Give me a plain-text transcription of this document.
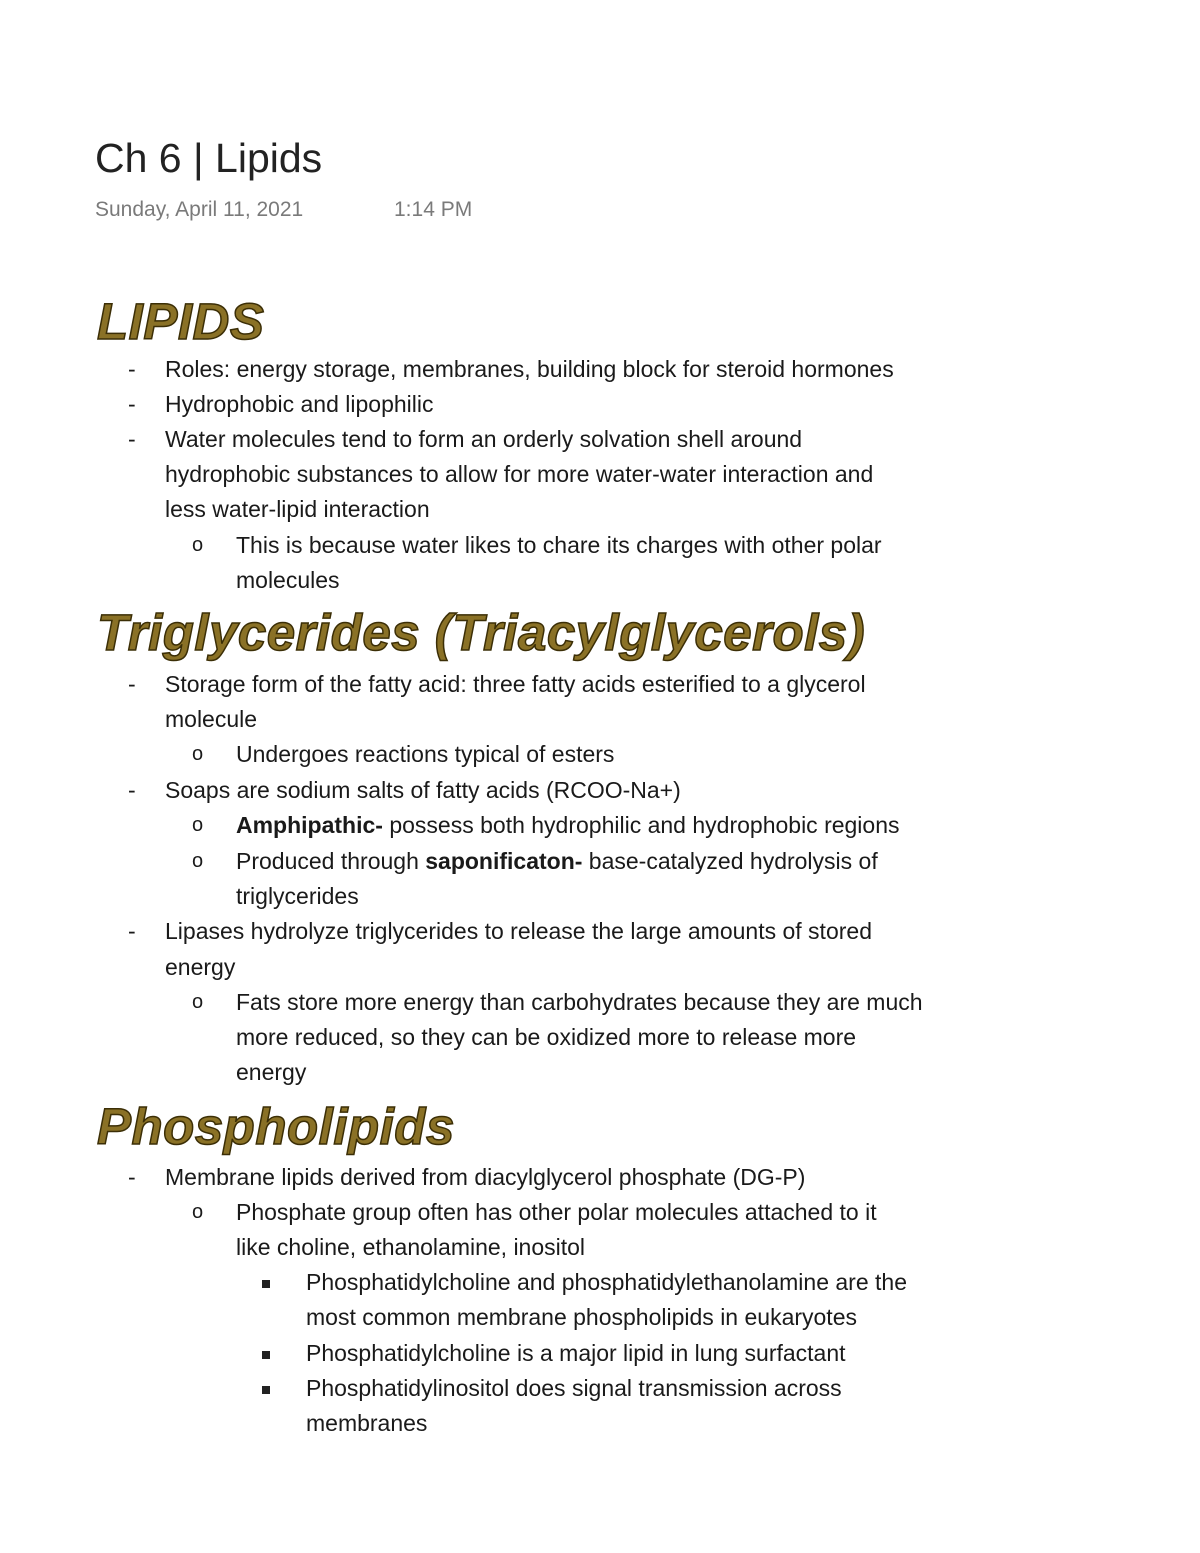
Ch 6 | Lipids
Sunday, April 11, 2021	1:14 PM
LIPIDS
- Roles: energy storage, membranes, building block for steroid hormones
- Hydrophobic and lipophilic
- Water molecules tend to form an orderly solvation shell around
hydrophobic substances to allow for more water-water interaction and
less water-lipid interaction
o This is because water likes to chare its charges with other polar
molecules
Triglycerides (Triacylglycerols)
- Storage form of the fatty acid: three fatty acids esterified to a glycerol
molecule
o Undergoes reactions typical of esters
- Soaps are sodium salts of fatty acids (RCOO-Na+)
o Amphipathic- possess both hydrophilic and hydrophobic regions
o Produced through saponificaton- base-catalyzed hydrolysis of
triglycerides
- Lipases hydrolyze triglycerides to release the large amounts of stored
energy
o Fats store more energy than carbohydrates because they are much
more reduced, so they can be oxidized more to release more
energy
Phospholipids
- Membrane lipids derived from diacylglycerol phosphate (DG-P)
o Phosphate group often has other polar molecules attached to it
like choline, ethanolamine, inositol
Phosphatidylcholine and phosphatidylethanolamine are the
most common membrane phospholipids in eukaryotes
Phosphatidylcholine is a major lipid in lung surfactant
Phosphatidylinositol does signal transmission across
membranes
